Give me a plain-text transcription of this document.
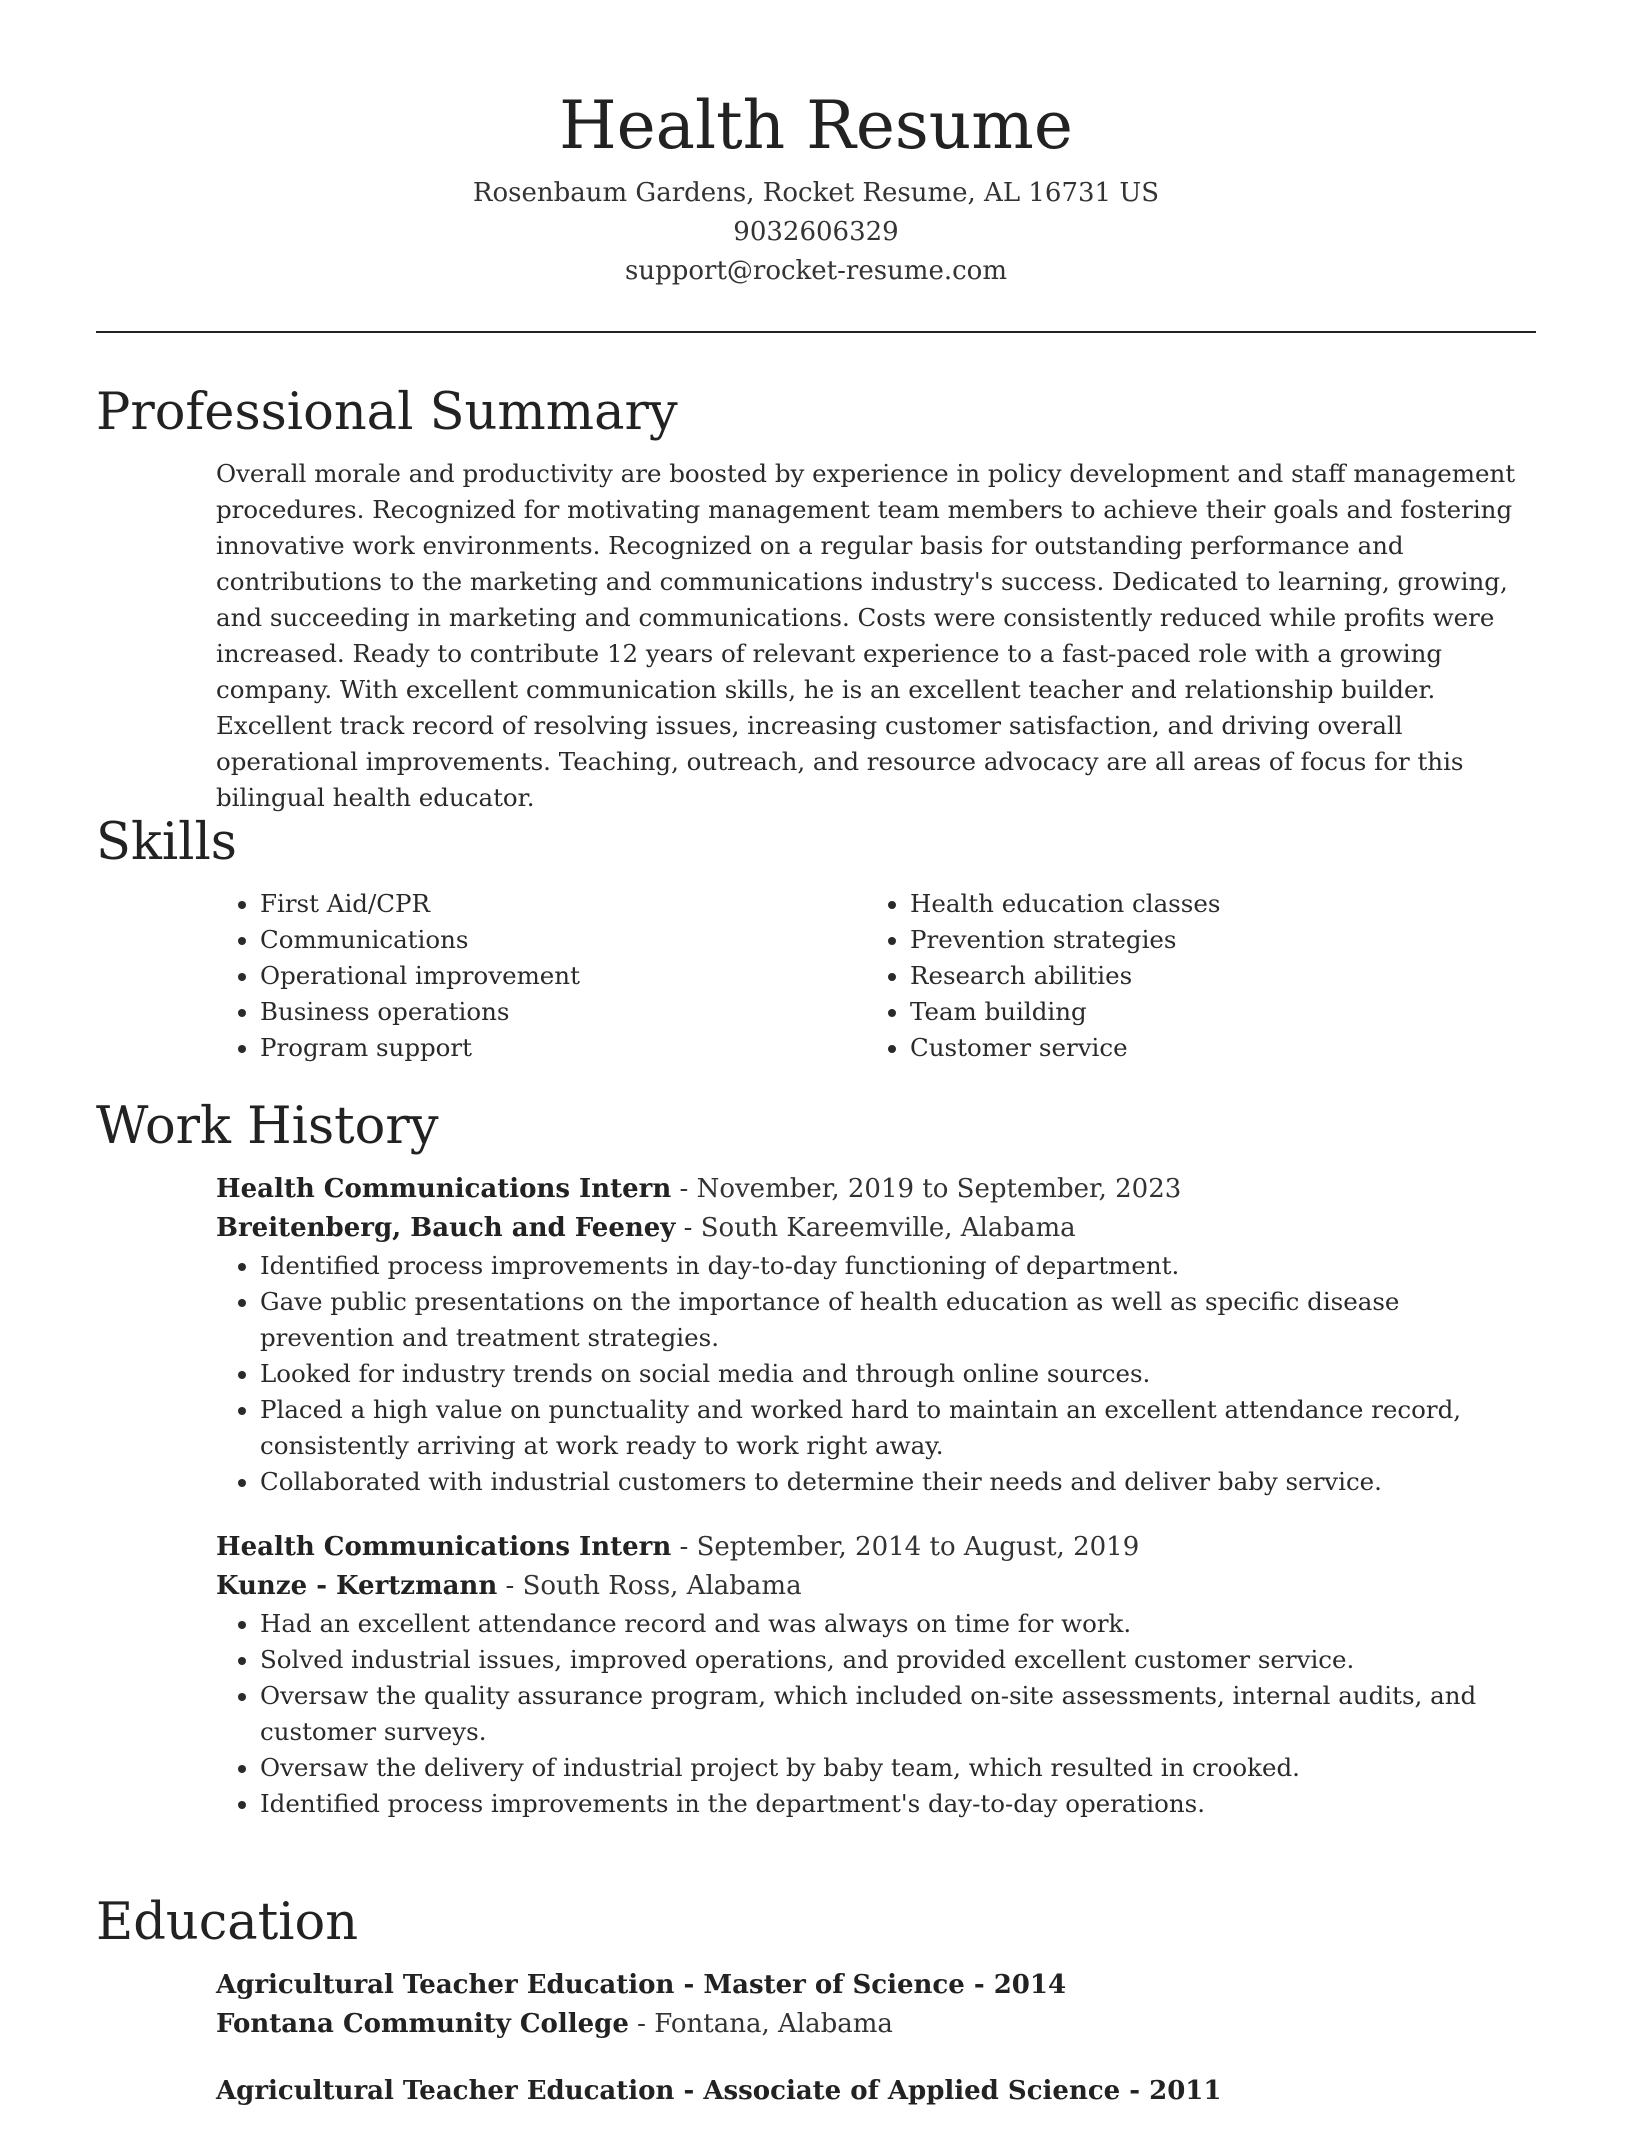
Health Resume
Rosenbaum Gardens, Rocket Resume, AL 16731 US
9032606329
support@rocket-resume.com
Professional Summary

Overall morale and productivity are boosted by experience in policy development and staff management procedures. Recognized for motivating management team members to achieve their goals and fostering innovative work environments. Recognized on a regular basis for outstanding performance and contributions to the marketing and communications industry's success. Dedicated to learning, growing, and succeeding in marketing and communications. Costs were consistently reduced while profits were increased. Ready to contribute 12 years of relevant experience to a fast-paced role with a growing company. With excellent communication skills, he is an excellent teacher and relationship builder. Excellent track record of resolving issues, increasing customer satisfaction, and driving overall operational improvements. Teaching, outreach, and resource advocacy are all areas of focus for this bilingual health educator.

Skills
• First Aid/CPR
• Communications
• Operational improvement
• Business operations
• Program support
• Health education classes
• Prevention strategies
• Research abilities
• Team building
• Customer service
Work History
Health Communications Intern - November, 2019 to September, 2023
Breitenberg, Bauch and Feeney - South Kareemville, Alabama
• Identified process improvements in day-to-day functioning of department.
• Gave public presentations on the importance of health education as well as specific disease prevention and treatment strategies.
• Looked for industry trends on social media and through online sources.
• Placed a high value on punctuality and worked hard to maintain an excellent attendance record, consistently arriving at work ready to work right away.
• Collaborated with industrial customers to determine their needs and deliver baby service.
Health Communications Intern - September, 2014 to August, 2019
Kunze - Kertzmann - South Ross, Alabama
• Had an excellent attendance record and was always on time for work.
• Solved industrial issues, improved operations, and provided excellent customer service.
• Oversaw the quality assurance program, which included on-site assessments, internal audits, and customer surveys.
• Oversaw the delivery of industrial project by baby team, which resulted in crooked.
• Identified process improvements in the department's day-to-day operations.
Education
Agricultural Teacher Education - Master of Science - 2014
Fontana Community College - Fontana, Alabama
Agricultural Teacher Education - Associate of Applied Science - 2011
